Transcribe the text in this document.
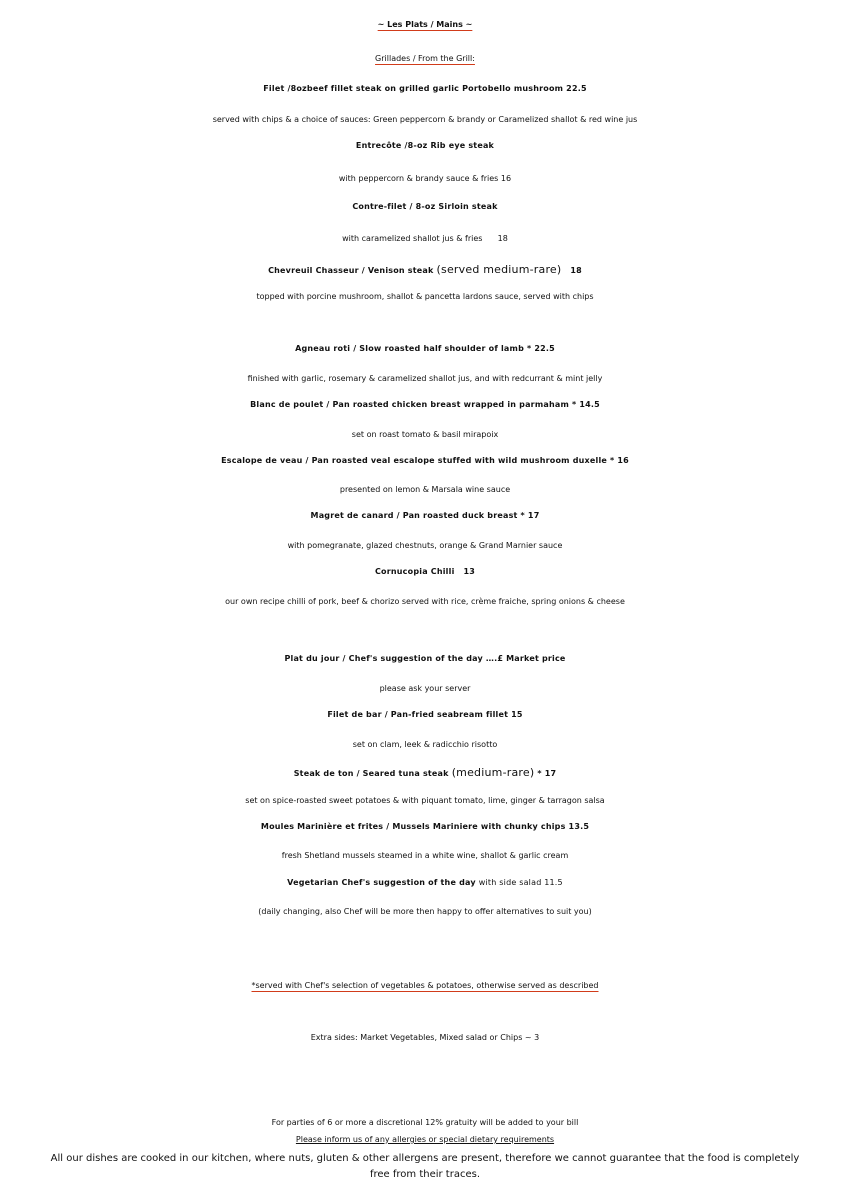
~ Les Plats / Mains ~
Grillades / From the Grill:
Filet /8ozbeef fillet steak on grilled garlic Portobello mushroom 22.5
served with chips & a choice of sauces: Green peppercorn & brandy or Caramelized shallot & red wine jus
Entrecôte /8-oz Rib eye steak
with peppercorn & brandy sauce & fries 16
Contre-filet / 8-oz Sirloin steak
with caramelized shallot jus & fries      18
Chevreuil Chasseur / Venison steak (served medium-rare) 18
topped with porcine mushroom, shallot & pancetta lardons sauce, served with chips
Agneau roti / Slow roasted half shoulder of lamb * 22.5
finished with garlic, rosemary & caramelized shallot jus, and with redcurrant & mint jelly
Blanc de poulet / Pan roasted chicken breast wrapped in parmaham * 14.5
set on roast tomato & basil mirapoix
Escalope de veau / Pan roasted veal escalope stuffed with wild mushroom duxelle * 16
presented on lemon & Marsala wine sauce
Magret de canard / Pan roasted duck breast * 17
with pomegranate, glazed chestnuts, orange & Grand Marnier sauce
Cornucopia Chilli   13
our own recipe chilli of pork, beef & chorizo served with rice, crème fraiche, spring onions & cheese
Plat du jour / Chef's suggestion of the day ….£ Market price
please ask your server
Filet de bar / Pan-fried seabream fillet 15
set on clam, leek & radicchio risotto
Steak de ton / Seared tuna steak (medium-rare) * 17
set on spice-roasted sweet potatoes & with piquant tomato, lime, ginger & tarragon salsa
Moules Marinière et frites / Mussels Mariniere with chunky chips 13.5
fresh Shetland mussels steamed in a white wine, shallot & garlic cream
Vegetarian Chef's suggestion of the day with side salad 11.5
(daily changing, also Chef will be more then happy to offer alternatives to suit you)
*served with Chef's selection of vegetables & potatoes, otherwise served as described
Extra sides: Market Vegetables, Mixed salad or Chips ~ 3
For parties of 6 or more a discretional 12% gratuity will be added to your bill
Please inform us of any allergies or special dietary requirements
All our dishes are cooked in our kitchen, where nuts, gluten & other allergens are present, therefore we cannot guarantee that the food is completely free from their traces.
